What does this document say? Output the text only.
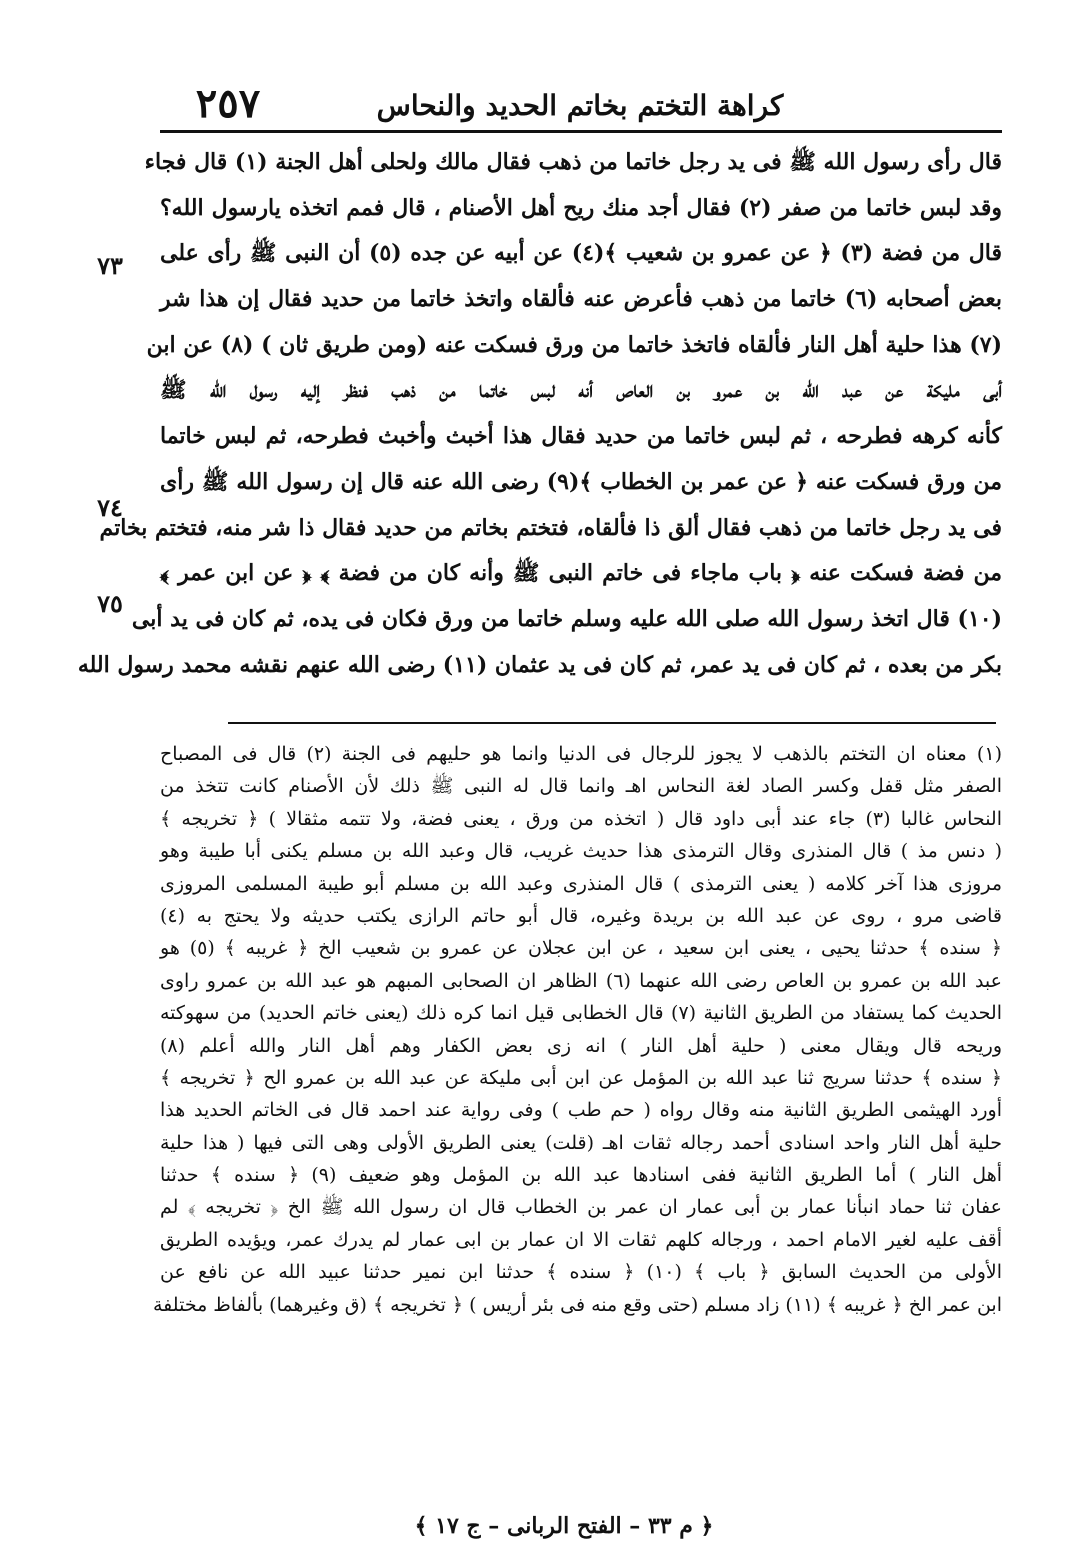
٢٥٧	كراهة التختم بخاتم الحديد والنحاس
٧٣
٧٤
٧٥
قال رأى رسول الله ﷺ فى يد رجل خاتما من ذهب فقال مالك ولحلى أهل الجنة (١) قال فجاء
وقد لبس خاتما من صفر (٢) فقال أجد منك ريح أهل الأصنام ، قال فمم اتخذه يارسول الله؟
قال من فضة (٣) ﴿ عن عمرو بن شعيب ﴾(٤) عن أبيه عن جده (٥) أن النبى ﷺ رأى على
بعض أصحابه (٦) خاتما من ذهب فأعرض عنه فألقاه واتخذ خاتما من حديد فقال إن هذا شر
(٧) هذا حلية أهل النار فألقاه فاتخذ خاتما من ورق فسكت عنه (ومن طريق ثان ) (٨) عن ابن
أبى مليكة عن عبد الله بن عمرو بن العاص أنه لبس خاتما من ذهب فنظر إليه رسول الله ﷺ
كأنه كرهه فطرحه ، ثم لبس خاتما من حديد فقال هذا أخبث وأخبث فطرحه، ثم لبس خاتما
من ورق فسكت عنه ﴿ عن عمر بن الخطاب ﴾(٩) رضى الله عنه قال إن رسول الله ﷺ رأى
فى يد رجل خاتما من ذهب فقال ألق ذا فألقاه، فتختم بخاتم من حديد فقال ذا شر منه، فتختم بخاتم
من فضة فسكت عنه ﴿ باب ماجاء فى خاتم النبى ﷺ وأنه كان من فضة ﴾ ﴿ عن ابن عمر ﴾
(١٠) قال اتخذ رسول الله صلى الله عليه وسلم خاتما من ورق فكان فى يده، ثم كان فى يد أبى
بكر من بعده ، ثم كان فى يد عمر، ثم كان فى يد عثمان (١١) رضى الله عنهم نقشه محمد رسول الله
(١) معناه ان التختم بالذهب لا يجوز للرجال فى الدنيا وانما هو حليهم فى الجنة (٢) قال فى المصباح
الصفر مثل قفل وكسر الصاد لغة النحاس اهـ وانما قال له النبى ﷺ ذلك لأن الأصنام كانت تتخذ من
النحاس غالبا (٣) جاء عند أبى داود قال ( اتخذه من ورق ، يعنى فضة، ولا تتمه مثقالا ) ﴿ تخريجه ﴾
( دنس مذ ) قال المنذرى وقال الترمذى هذا حديث غريب، قال وعبد الله بن مسلم يكنى أبا طيبة وهو
مروزى هذا آخر كلامه ( يعنى الترمذى ) قال المنذرى وعبد الله بن مسلم أبو طيبة المسلمى المروزى
قاضى مرو ، روى عن عبد الله بن بريدة وغيره، قال أبو حاتم الرازى يكتب حديثه ولا يحتج به (٤)
﴿ سنده ﴾ حدثنا يحيى ، يعنى ابن سعيد ، عن ابن عجلان عن عمرو بن شعيب الخ ﴿ غريبه ﴾ (٥) هو
عبد الله بن عمرو بن العاص رضى الله عنهما (٦) الظاهر ان الصحابى المبهم هو عبد الله بن عمرو راوى
الحديث كما يستفاد من الطريق الثانية (٧) قال الخطابى قيل انما كره ذلك (يعنى خاتم الحديد) من سهوكته
وريحه قال ويقال معنى ( حلية أهل النار ) انه زى بعض الكفار وهم أهل النار والله أعلم (٨)
﴿ سنده ﴾ حدثنا سريج ثنا عبد الله بن المؤمل عن ابن أبى مليكة عن عبد الله بن عمرو الح ﴿ تخريجه ﴾
أورد الهيثمى الطريق الثانية منه وقال رواه ( حم طب ) وفى رواية عند احمد قال فى الخاتم الحديد هذا
حلية أهل النار واحد اسنادى أحمد رجاله ثقات اهـ (قلت) يعنى الطريق الأولى وهى التى فيها ( هذا حلية
أهل النار ) أما الطريق الثانية ففى اسنادها عبد الله بن المؤمل وهو ضعيف (٩) ﴿ سنده ﴾ حدثنا
عفان ثنا حماد انبأنا عمار بن أبى عمار ان عمر بن الخطاب قال ان رسول الله ﷺ الخ ﴿ تخريجه ﴾ لم
أقف عليه لغير الامام احمد ، ورجاله كلهم ثقات الا ان عمار بن ابى عمار لم يدرك عمر، ويؤيده الطريق
الأولى من الحديث السابق ﴿ باب ﴾ (١٠) ﴿ سنده ﴾ حدثنا ابن نمير حدثنا عبيد الله عن نافع عن
ابن عمر الخ ﴿ غريبه ﴾ (١١) زاد مسلم (حتى وقع منه فى بئر أريس ) ﴿ تخريجه ﴾ (ق وغيرهما) بألفاظ مختلفة
﴿ م ٣٣ – الفتح الربانى – ج ١٧ ﴾
